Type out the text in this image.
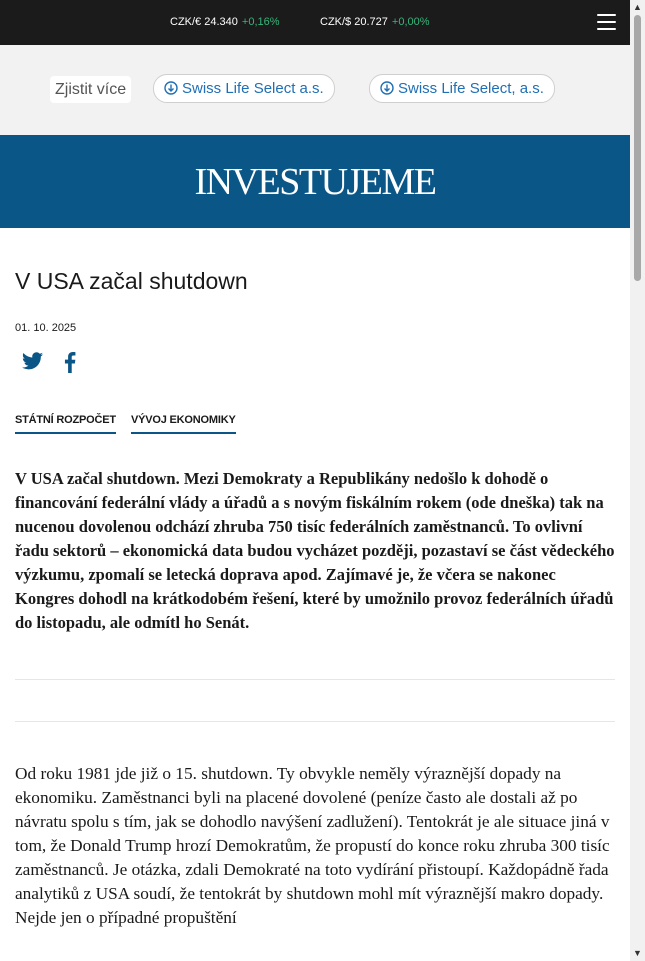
CZK/€ 24.340 +0,16%	CZK/$ 20.727 +0,00%
▲
▼
Zjistit více	Swiss Life Select a.s.	Swiss Life Select, a.s.
INVESTUJEME
V USA začal shutdown
01. 10. 2025
STÁTNÍ ROZPOČET VÝVOJ EKONOMIKY

V USA začal shutdown. Mezi Demokraty a Republikány nedošlo k dohodě o financování federální vlády a úřadů a s novým fiskálním rokem (ode dneška) tak na nucenou dovolenou odchází zhruba 750 tisíc federálních zaměstnanců. To ovlivní řadu sektorů – ekonomická data budou vycházet později, pozastaví se část vědeckého výzkumu, zpomalí se letecká doprava apod. Zajímavé je, že včera se nakonec Kongres dohodl na krátkodobém řešení, které by umožnilo provoz federálních úřadů do listopadu, ale odmítl ho Senát.

Od roku 1981 jde již o 15. shutdown. Ty obvykle neměly výraznější dopady na ekonomiku. Zaměstnanci byli na placené dovolené (peníze často ale dostali až po návratu spolu s tím, jak se dohodlo navýšení zadlužení). Tentokrát je ale situace jiná v tom, že Donald Trump hrozí Demokratům, že propustí do konce roku zhruba 300 tisíc zaměstnanců. Je otázka, zdali Demokraté na toto vydírání přistoupí. Každopádně řada analytiků z USA soudí, že tentokrát by shutdown mohl mít výraznější makro dopady. Nejde jen o případné propuštění
